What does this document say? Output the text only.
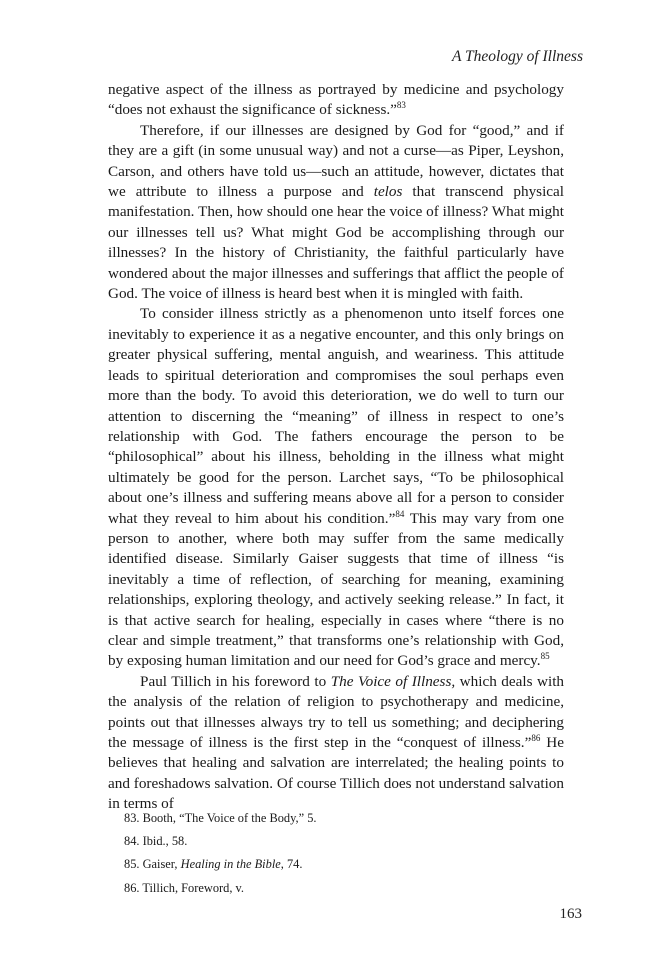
A Theology of Illness

negative aspect of the illness as portrayed by medicine and psychology “does not exhaust the significance of sickness.”$^{83}$

Therefore, if our illnesses are designed by God for “good,” and if they are a gift (in some unusual way) and not a curse—as Piper, Leyshon, Carson, and others have told us—such an attitude, however, dictates that we attribute to illness a purpose and telos that transcend physical manifestation. Then, how should one hear the voice of illness? What might our illnesses tell us? What might God be accomplishing through our illnesses? In the history of Christianity, the faithful particularly have wondered about the major illnesses and sufferings that afflict the people of God. The voice of illness is heard best when it is mingled with faith.

To consider illness strictly as a phenomenon unto itself forces one inevitably to experience it as a negative encounter, and this only brings on greater physical suffering, mental anguish, and weariness. This attitude leads to spiritual deterioration and compromises the soul perhaps even more than the body. To avoid this deterioration, we do well to turn our attention to discerning the “meaning” of illness in respect to one’s relationship with God. The fathers encourage the person to be “philosophical” about his illness, beholding in the illness what might ultimately be good for the person. Larchet says, “To be philosophical about one’s illness and suffering means above all for a person to consider what they reveal to him about his condition.”$^{84}$ This may vary from one person to another, where both may suffer from the same medically identified disease. Similarly Gaiser suggests that time of illness “is inevitably a time of reflection, of searching for meaning, examining relationships, exploring theology, and actively seeking release.” In fact, it is that active search for healing, especially in cases where “there is no clear and simple treatment,” that transforms one’s relationship with God, by exposing human limitation and our need for God’s grace and mercy.$^{85}$

Paul Tillich in his foreword to The Voice of Illness, which deals with the analysis of the relation of religion to psychotherapy and medicine, points out that illnesses always try to tell us something; and deciphering the message of illness is the first step in the “conquest of illness.”$^{86}$ He believes that healing and salvation are interrelated; the healing points to and foreshadows salvation. Of course Tillich does not understand salvation in terms of

83. Booth, “The Voice of the Body,” 5.
84. Ibid., 58.
85. Gaiser, Healing in the Bible, 74.
86. Tillich, Foreword, v.
163
